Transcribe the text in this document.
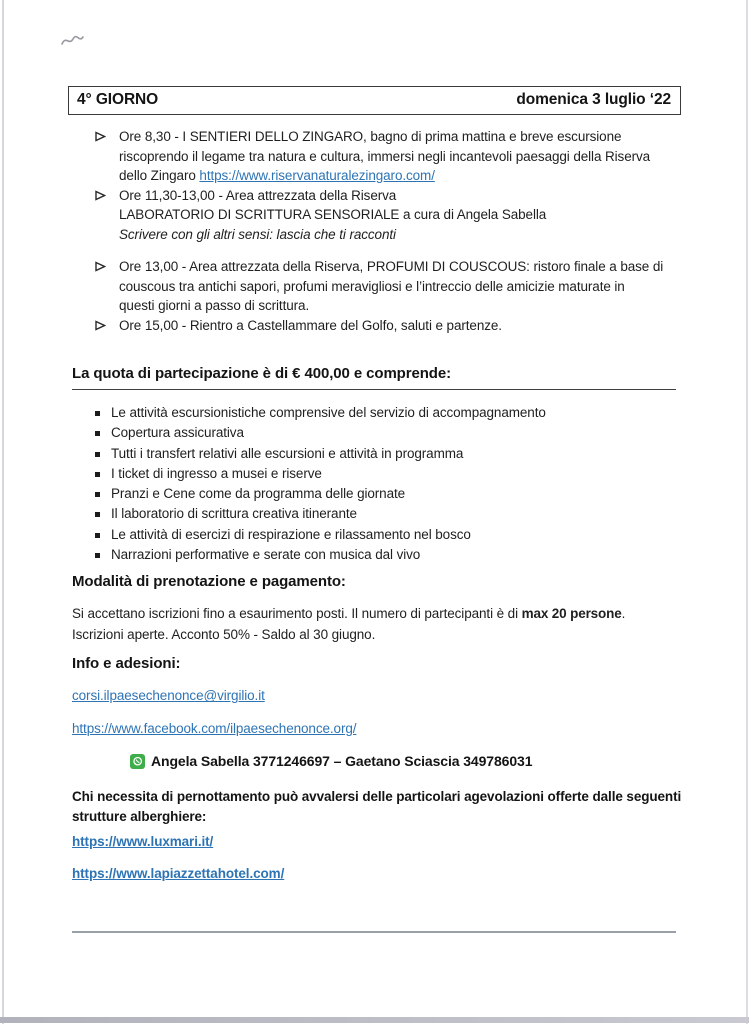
4° GIORNO	domenica 3 luglio ‘22
Ore 8,30 - I SENTIERI DELLO ZINGARO, bagno di prima mattina e breve escursione
riscoprendo il legame tra natura e cultura, immersi negli incantevoli paesaggi della Riserva
dello Zingaro https://www.riservanaturalezingaro.com/
Ore 11,30-13,00 - Area attrezzata della Riserva
LABORATORIO DI SCRITTURA SENSORIALE a cura di Angela Sabella
Scrivere con gli altri sensi: lascia che ti racconti
Ore 13,00 - Area attrezzata della Riserva, PROFUMI DI COUSCOUS: ristoro finale a base di
couscous tra antichi sapori, profumi meravigliosi e l’intreccio delle amicizie maturate in
questi giorni a passo di scrittura.
Ore 15,00 - Rientro a Castellammare del Golfo, saluti e partenze.
La quota di partecipazione è di € 400,00 e comprende:
Le attività escursionistiche comprensive del servizio di accompagnamento
Copertura assicurativa
Tutti i transfert relativi alle escursioni e attività in programma
I ticket di ingresso a musei e riserve
Pranzi e Cene come da programma delle giornate
Il laboratorio di scrittura creativa itinerante
Le attività di esercizi di respirazione e rilassamento nel bosco
Narrazioni performative e serate con musica dal vivo
Modalità di prenotazione e pagamento:
Si accettano iscrizioni fino a esaurimento posti. Il numero di partecipanti è di max 20 persone.
Iscrizioni aperte. Acconto 50% - Saldo al 30 giugno.
Info e adesioni:
corsi.ilpaesechenonce@virgilio.it
https://www.facebook.com/ilpaesechenonce.org/
Angela Sabella 3771246697 – Gaetano Sciascia 349786031
Chi necessita di pernottamento può avvalersi delle particolari agevolazioni offerte dalle seguenti
strutture alberghiere:
https://www.luxmari.it/
https://www.lapiazzettahotel.com/
